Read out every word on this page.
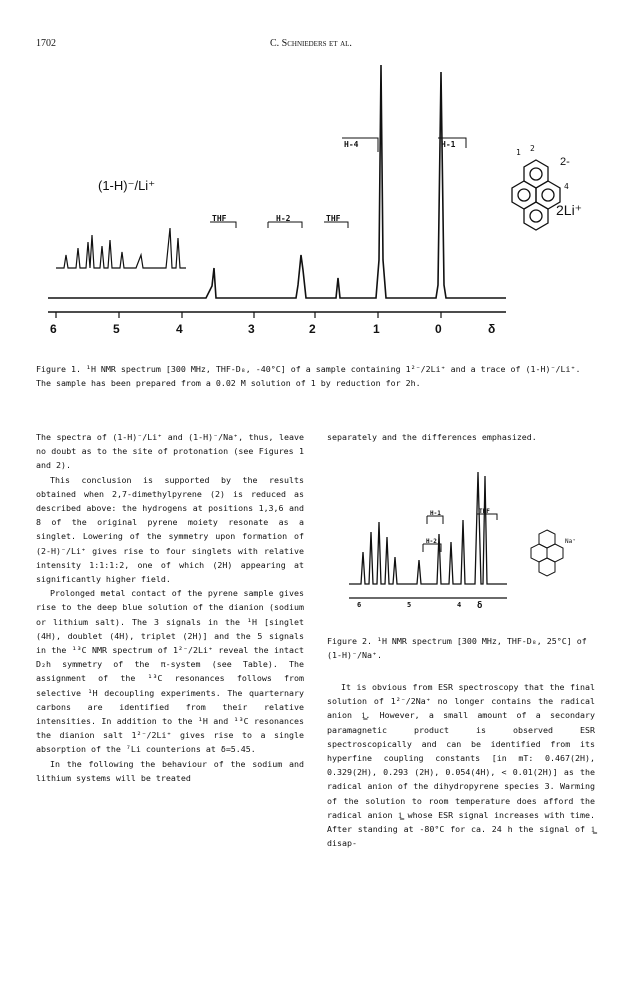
1702	C. Schnieders et al.
(1-H)⁻/Li⁺
THF	H-2	THF
H-4	H-1
6	5	4	3	2	1	0	δ
1 2
2-
4
2Li⁺
Figure 1. ¹H NMR spectrum [300 MHz, THF-D₈, -40°C] of a sample containing 1²⁻/2Li⁺ and a trace of (1-H)⁻/Li⁺. The sample has been prepared from a 0.02 M solution of 1 by reduction for 2h.

The spectra of (1-H)⁻/Li⁺ and (1-H)⁻/Na⁺, thus, leave no doubt as to the site of protonation (see Figures 1 and 2).

This conclusion is supported by the results obtained when 2,7-dimethylpyrene (2) is reduced as described above: the hydrogens at positions 1,3,6 and 8 of the original pyrene moiety resonate as a singlet. Lowering of the symmetry upon formation of (2-H)⁻/Li⁺ gives rise to four singlets with relative intensity 1:1:1:2, one of which (2H) appearing at significantly higher field.

Prolonged metal contact of the pyrene sample gives rise to the deep blue solution of the dianion (sodium or lithium salt). The 3 signals in the ¹H [singlet (4H), doublet (4H), triplet (2H)] and the 5 signals in the ¹³C NMR spectrum of 1²⁻/2Li⁺ reveal the intact D₂h symmetry of the π-system (see Table). The assignment of the ¹³C resonances follows from selective ¹H decoupling experiments. The quarternary carbons are identified from their relative intensities. In addition to the ¹H and ¹³C resonances the dianion salt 1²⁻/2Li⁺ gives rise to a single absorption of the ⁷Li counterions at δ=5.45.

In the following the behaviour of the sodium and lithium systems will be treated

separately and the differences emphasized.
H-1	THF
H-2	Na⁺
6	5	4 δ
Figure 2. ¹H NMR spectrum [300 MHz, THF-D₈, 25°C] of (1-H)⁻/Na⁺.

It is obvious from ESR spectroscopy that the final solution of 1²⁻/2Na⁺ no longer contains the radical anion 1͇. However, a small amount of a secondary paramagnetic product is observed ESR spectroscopically and can be identified from its hyperfine coupling constants [in mT: 0.467(2H), 0.329(2H), 0.293 (2H), 0.054(4H), < 0.01(2H)] as the radical anion of the dihydropyrene species 3. Warming of the solution to room temperature does afford the radical anion 1͇ whose ESR signal increases with time. After standing at -80°C for ca. 24 h the signal of 1͇ disap-
